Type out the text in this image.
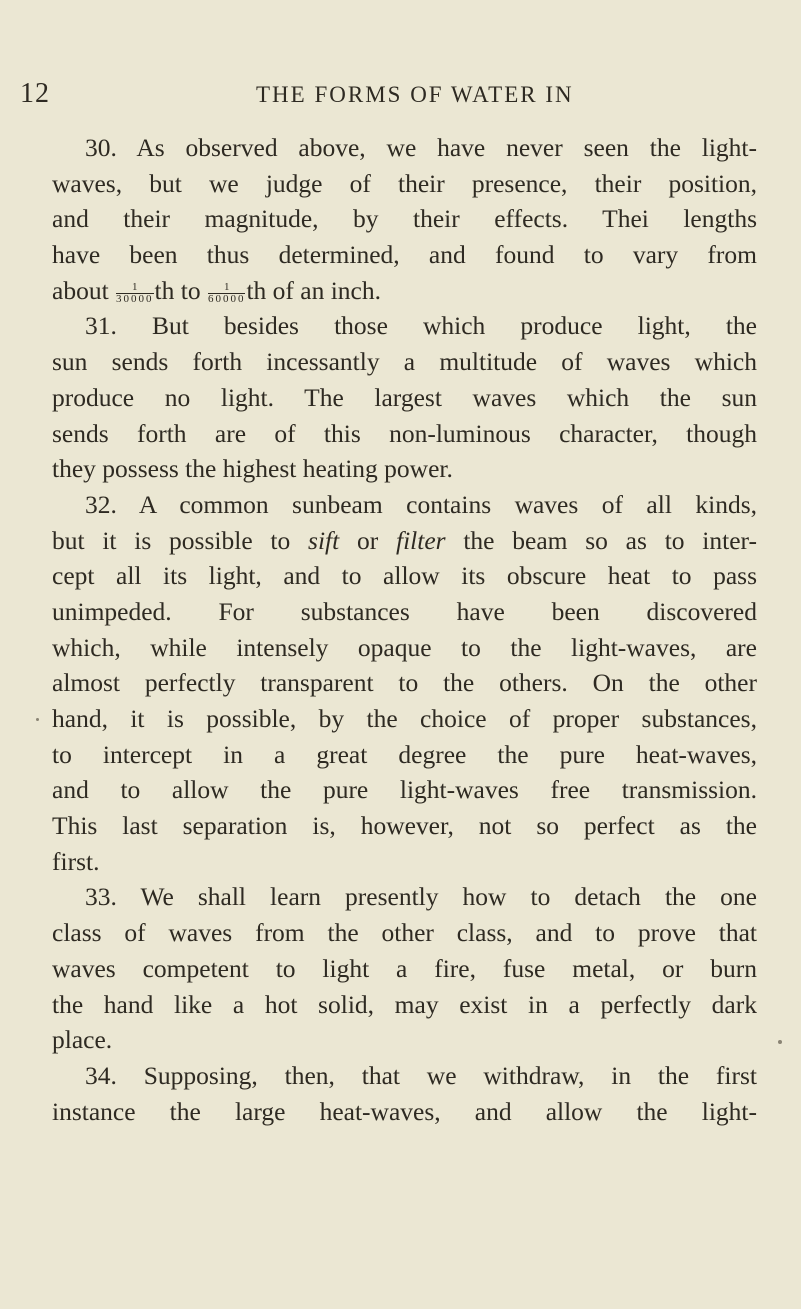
12	THE FORMS OF WATER IN
30. As observed above, we have never seen the light-
waves, but we judge of their presence, their position,
and their magnitude, by their effects. Thei lengths
have been thus determined, and found to vary from
about $\frac{1}{30000}$ th to $\frac{1}{60000}$ th of an inch.
31. But besides those which produce light, the
sun sends forth incessantly a multitude of waves which
produce no light. The largest waves which the sun
sends forth are of this non-luminous character, though
they possess the highest heating power.
32. A common sunbeam contains waves of all kinds,
but it is possible to sift or filter the beam so as to inter-
cept all its light, and to allow its obscure heat to pass
unimpeded. For substances have been discovered
which, while intensely opaque to the light-waves, are
almost perfectly transparent to the others. On the other
hand, it is possible, by the choice of proper substances,
to intercept in a great degree the pure heat-waves,
and to allow the pure light-waves free transmission.
This last separation is, however, not so perfect as the
first.
33. We shall learn presently how to detach the one
class of waves from the other class, and to prove that
waves competent to light a fire, fuse metal, or burn
the hand like a hot solid, may exist in a perfectly dark
place.
34. Supposing, then, that we withdraw, in the first
instance the large heat-waves, and allow the light-
